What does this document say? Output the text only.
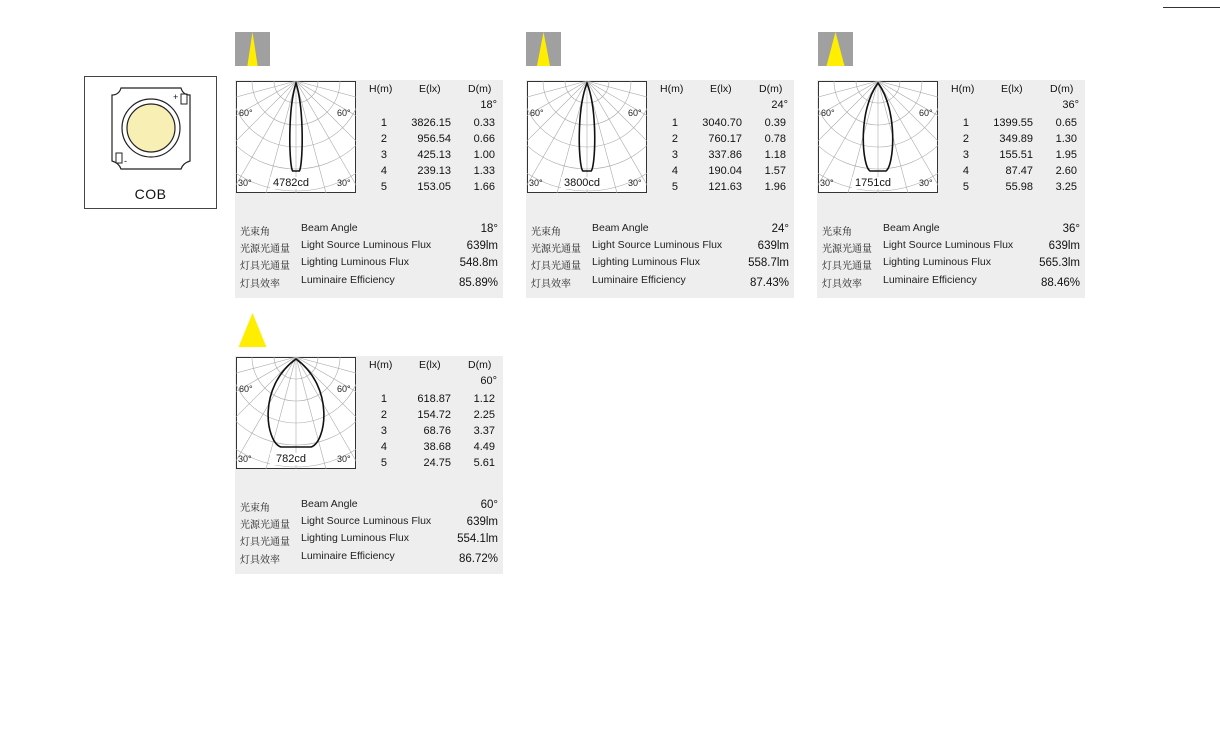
+
-
COB
60°	60°
30°	30°
4782cd
H(m)	E(lx)	D(m)
18°
1	3826.15	0.33
2	956.54	0.66
3	425.13	1.00
4	239.13	1.33
5	153.05	1.66
光束角	Beam Angle	18°
光源光通量 Light Source Luminous Flux	639lm
灯具光通量 Lighting Luminous Flux	548.8m
灯具效率 Luminaire Efficiency	85.89%
60°	60°
30°	30°
3800cd
H(m)	E(lx)	D(m)
24°
1	3040.70	0.39
2	760.17	0.78
3	337.86	1.18
4	190.04	1.57
5	121.63	1.96
光束角	Beam Angle	24°
光源光通量 Light Source Luminous Flux	639lm
灯具光通量 Lighting Luminous Flux	558.7lm
灯具效率 Luminaire Efficiency	87.43%
60°	60°
30°	30°
1751cd
H(m)	E(lx)	D(m)
36°
1	1399.55	0.65
2	349.89	1.30
3	155.51	1.95
4	87.47	2.60
5	55.98	3.25
光束角	Beam Angle	36°
光源光通量 Light Source Luminous Flux	639lm
灯具光通量 Lighting Luminous Flux	565.3lm
灯具效率 Luminaire Efficiency	88.46%
60°	60°
30°	30°
782cd
H(m)	E(lx)	D(m)
60°
1	618.87	1.12
2	154.72	2.25
3	68.76	3.37
4	38.68	4.49
5	24.75	5.61
光束角	Beam Angle	60°
光源光通量 Light Source Luminous Flux	639lm
灯具光通量 Lighting Luminous Flux	554.1lm
灯具效率 Luminaire Efficiency	86.72%
